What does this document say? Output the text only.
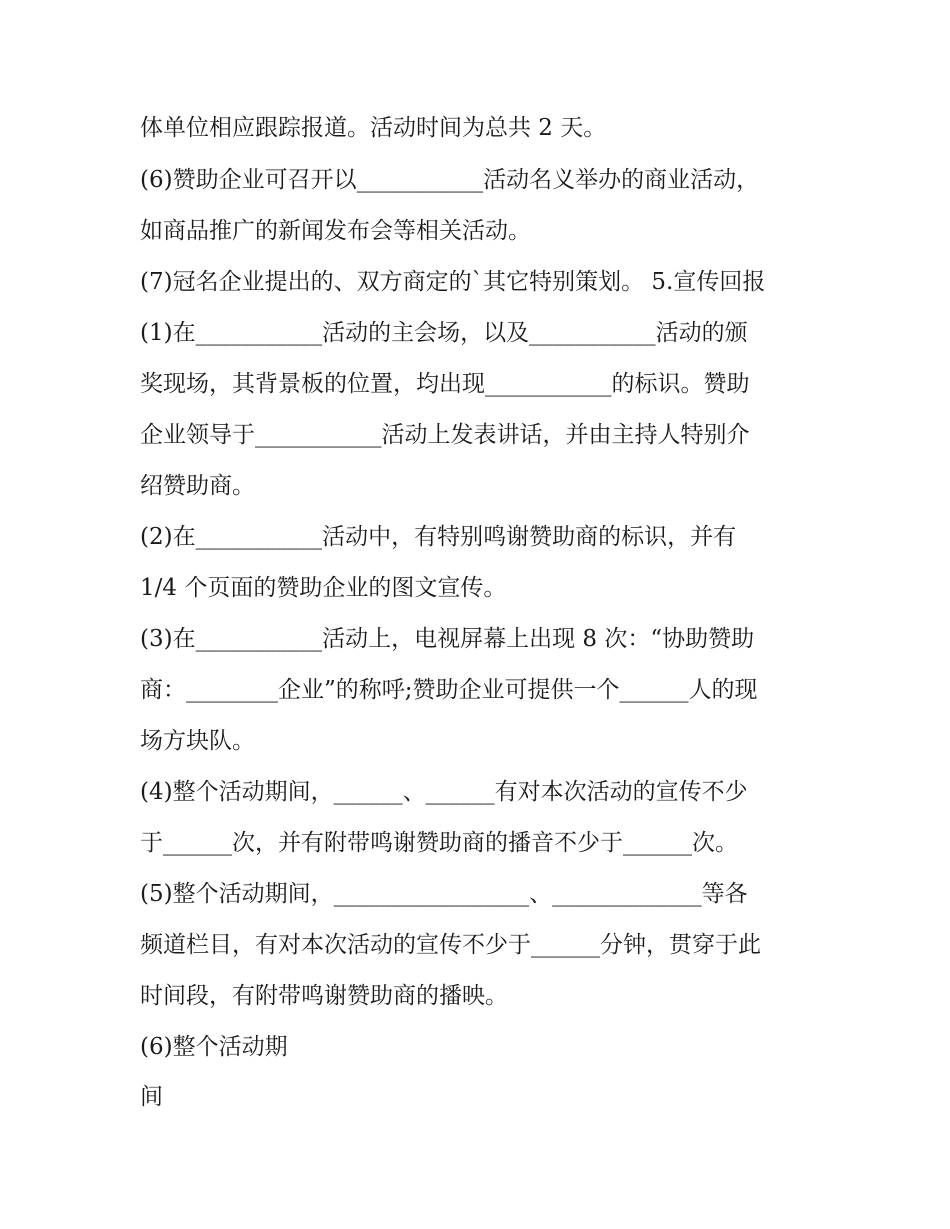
体单位相应跟踪报道。活动时间为总共 2 天。

(6)赞助企业可召开以___________活动名义举办的商业活动，

如商品推广的新闻发布会等相关活动。

(7)冠名企业提出的、双方商定的`其它特别策划。 5.宣传回报

(1)在___________活动的主会场，以及___________活动的颁

奖现场，其背景板的位置，均出现___________的标识。赞助

企业领导于___________活动上发表讲话，并由主持人特别介

绍赞助商。

(2)在___________活动中，有特别鸣谢赞助商的标识，并有

1/4 个页面的赞助企业的图文宣传。

(3)在___________活动上，电视屏幕上出现 8 次：“协助赞助

商：________企业”的称呼;赞助企业可提供一个______人的现

场方块队。

(4)整个活动期间，______、______有对本次活动的宣传不少

于______次，并有附带鸣谢赞助商的播音不少于______次。

(5)整个活动期间，_________________、_____________等各

频道栏目，有对本次活动的宣传不少于______分钟，贯穿于此

时间段，有附带鸣谢赞助商的播映。

(6)整个活动期

间
